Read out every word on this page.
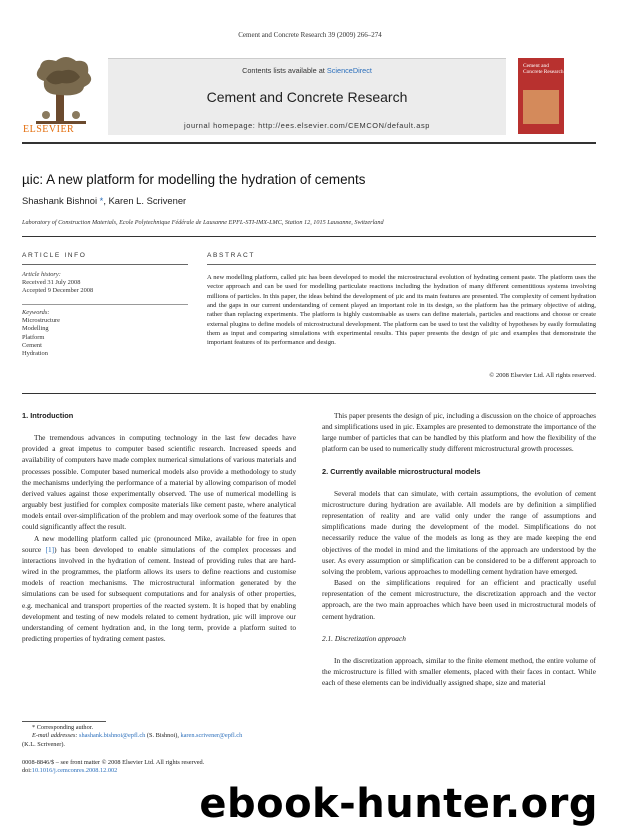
Cement and Concrete Research 39 (2009) 266–274
ELSEVIER
Contents lists available at ScienceDirect
Cement and Concrete Research
journal homepage: http://ees.elsevier.com/CEMCON/default.asp
Cement and Concrete Research
µic: A new platform for modelling the hydration of cements
Shashank Bishnoi *, Karen L. Scrivener
Laboratory of Construction Materials, Ecole Polytechnique Fédérale de Lausanne EPFL-STI-IMX-LMC, Station 12, 1015 Lausanne, Switzerland
ARTICLE INFO
Article history:
Received 31 July 2008
Accepted 9 December 2008
Keywords:
Microstructure
Modelling
Platform
Cement
Hydration
ABSTRACT
A new modelling platform, called µic has been developed to model the microstructural evolution of hydrating cement paste. The platform uses the vector approach and can be used for modelling particulate reactions including the hydration of many different cementitious systems involving millions of particles. In this paper, the ideas behind the development of µic and its main features are presented. The complexity of cement hydration and the gaps in our current understanding of cement played an important role in its design, so the platform has the primary objective of aiding, rather than replacing experiments. The platform is highly customisable as users can define materials, particles and reactions and choose or create external plugins to define models of microstructural development. The platform can be used to test the validity of hypotheses by easily formulating them as input and comparing simulations with experimental results. This paper presents the design of µic and examples that demonstrate the important features of its performance and design.
© 2008 Elsevier Ltd. All rights reserved.

1. Introduction

The tremendous advances in computing technology in the last few decades have provided a great impetus to computer based scientific research. Increased speeds and availability of computers have made complex numerical simulations of various materials and processes possible. Computer based numerical models also provide a methodology to study the mechanisms underlying the performance of a material by allowing comparison of model derived values against those experimentally observed. The use of numerical modelling is arguably best justified for complex composite materials like cement paste, where analytical models entail over-simplification of the problem and may overlook some of the features that could significantly affect the result.

A new modelling platform called µic (pronounced Mike, available for free in open source [1]) has been developed to enable simulations of the complex processes and interactions involved in the hydration of cement. Instead of providing rules that are hard-wired in the programmes, the platform allows its users to define reactions and customise models of reaction mechanisms. The microstructural information generated by the simulations can be used for subsequent computations and for analysis of other properties, e.g. mechanical and transport properties of the reacted system. It is hoped that by enabling development and testing of new models related to cement hydration, µic will improve our understanding of cement hydration and, in the long term, provide a platform suited to predicting properties of hydrating cement pastes.

This paper presents the design of µic, including a discussion on the choice of approaches and simplifications used in µic. Examples are presented to demonstrate the importance of the large number of particles that can be handled by this platform and how the flexibility of the platform can be used to numerically study different microstructural growth processes.

2. Currently available microstructural models

Several models that can simulate, with certain assumptions, the evolution of cement microstructure during hydration are available. All models are by definition a simplified representation of reality and are valid only under the range of assumptions and simplifications made during the development of the model. Simplifications do not necessarily reduce the value of the models as long as they are made keeping the end objectives of the model in mind and the limitations of the approach are understood by the user. As every assumption or simplification can be considered to be a different approach to solving the problem, various approaches to modelling cement hydration have emerged.

Based on the simplifications required for an efficient and practically useful representation of the cement microstructure, the discretization approach and the vector approach, are the two main approaches which have been used in microstructural models of cement hydration.

2.1. Discretization approach

In the discretization approach, similar to the finite element method, the entire volume of the microstructure is filled with smaller elements, placed with their faces in contact. While each of these elements can be individually assigned shape, size and material

* Corresponding author.
E-mail addresses: shashank.bishnoi@epfl.ch (S. Bishnoi), karen.scrivener@epfl.ch
(K.L. Scrivener).
0008-8846/$ – see front matter © 2008 Elsevier Ltd. All rights reserved.
doi:10.1016/j.cemconres.2008.12.002
ebook-hunter.org
